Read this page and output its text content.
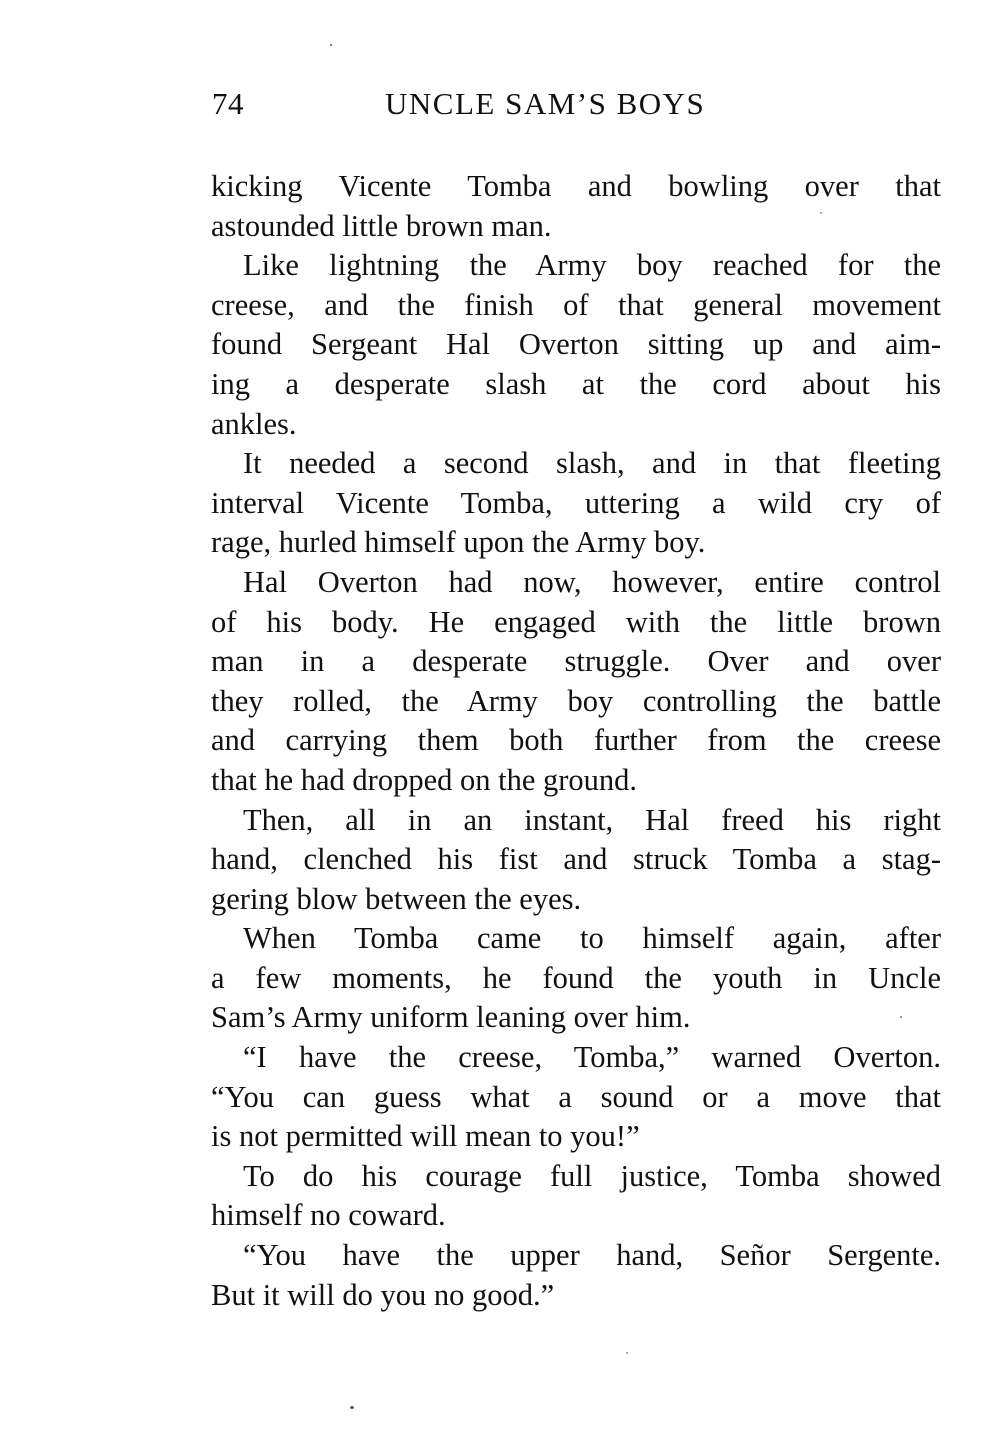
74	UNCLE SAM’S BOYS
kicking Vicente Tomba and bowling over that
astounded little brown man.
Like lightning the Army boy reached for the
creese, and the finish of that general movement
found Sergeant Hal Overton sitting up and aim-
ing a desperate slash at the cord about his
ankles.
It needed a second slash, and in that fleeting
interval Vicente Tomba, uttering a wild cry of
rage, hurled himself upon the Army boy.
Hal Overton had now, however, entire control
of his body. He engaged with the little brown
man in a desperate struggle. Over and over
they rolled, the Army boy controlling the battle
and carrying them both further from the creese
that he had dropped on the ground.
Then, all in an instant, Hal freed his right
hand, clenched his fist and struck Tomba a stag-
gering blow between the eyes.
When Tomba came to himself again, after
a few moments, he found the youth in Uncle
Sam’s Army uniform leaning over him.
“I have the creese, Tomba,” warned Overton.
“You can guess what a sound or a move that
is not permitted will mean to you!”
To do his courage full justice, Tomba showed
himself no coward.
“You have the upper hand, Señor Sergente.
But it will do you no good.”
